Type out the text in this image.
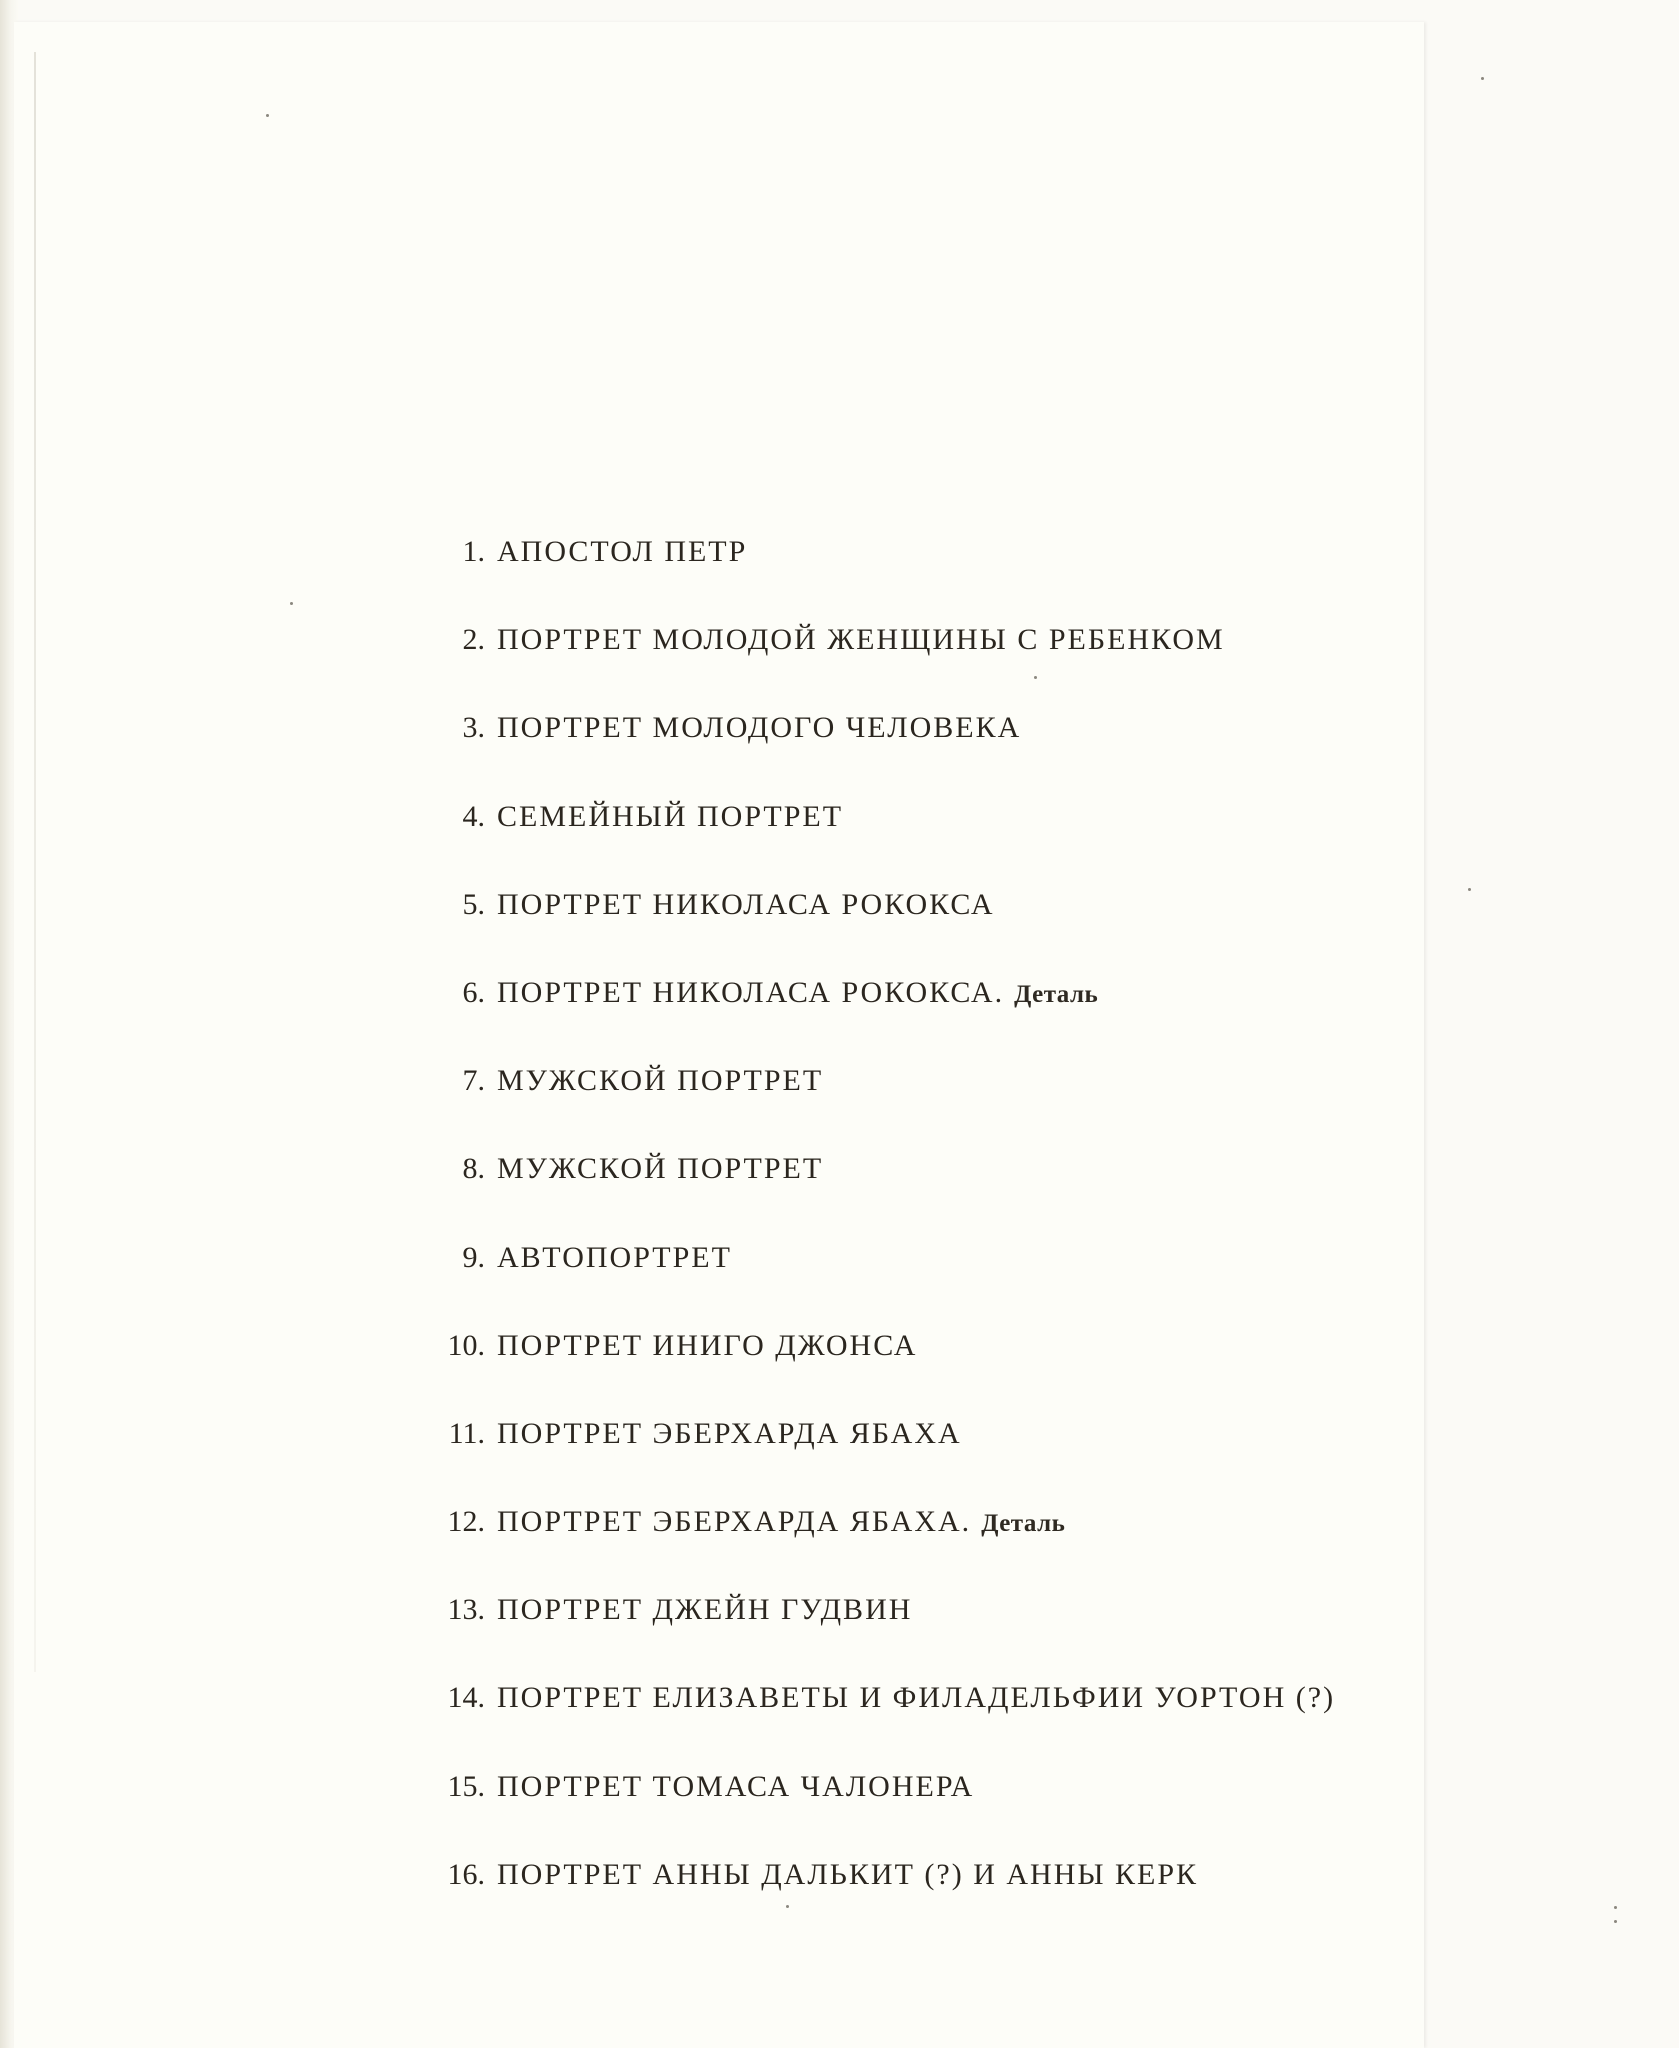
1. АПОСТОЛ ПЕТР
2. ПОРТРЕТ МОЛОДОЙ ЖЕНЩИНЫ С РЕБЕНКОМ
3. ПОРТРЕТ МОЛОДОГО ЧЕЛОВЕКА
4. СЕМЕЙНЫЙ ПОРТРЕТ
5. ПОРТРЕТ НИКОЛАСА РОКОКСА
6. ПОРТРЕТ НИКОЛАСА РОКОКСА. Деталь
7. МУЖСКОЙ ПОРТРЕТ
8. МУЖСКОЙ ПОРТРЕТ
9. АВТОПОРТРЕТ
10. ПОРТРЕТ ИНИГО ДЖОНСА
11. ПОРТРЕТ ЭБЕРХАРДА ЯБАХА
12. ПОРТРЕТ ЭБЕРХАРДА ЯБАХА. Деталь
13. ПОРТРЕТ ДЖЕЙН ГУДВИН
14. ПОРТРЕТ ЕЛИЗАВЕТЫ И ФИЛАДЕЛЬФИИ УОРТОН (?)
15. ПОРТРЕТ ТОМАСА ЧАЛОНЕРА
16. ПОРТРЕТ АННЫ ДАЛЬКИТ (?) И АННЫ КЕРК
